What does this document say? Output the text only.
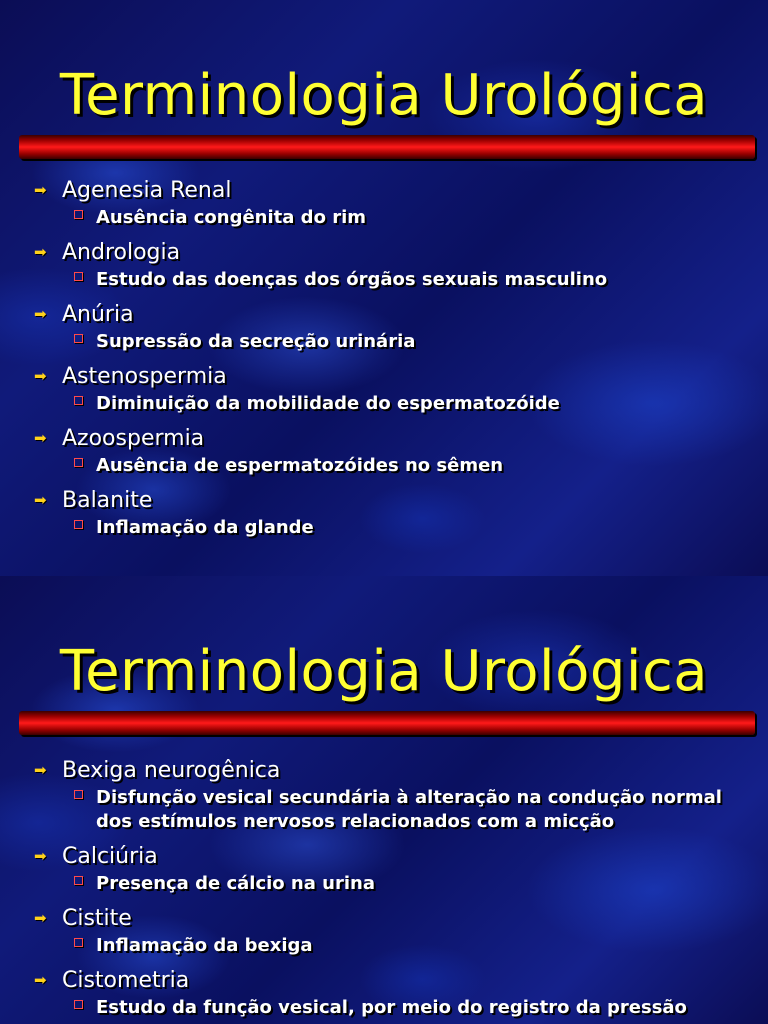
Terminologia Urológica
➡ Agenesia Renal
Ausência congênita do rim
➡ Andrologia
Estudo das doenças dos órgãos sexuais masculino
➡ Anúria
Supressão da secreção urinária
➡ Astenospermia
Diminuição da mobilidade do espermatozóide
➡ Azoospermia
Ausência de espermatozóides no sêmen
➡ Balanite
Inflamação da glande
Terminologia Urológica
➡ Bexiga neurogênica
Disfunção vesical secundária à alteração na condução normal dos estímulos nervosos relacionados com a micção
➡ Calciúria
Presença de cálcio na urina
➡ Cistite
Inflamação da bexiga
➡ Cistometria
Estudo da função vesical, por meio do registro da pressão
